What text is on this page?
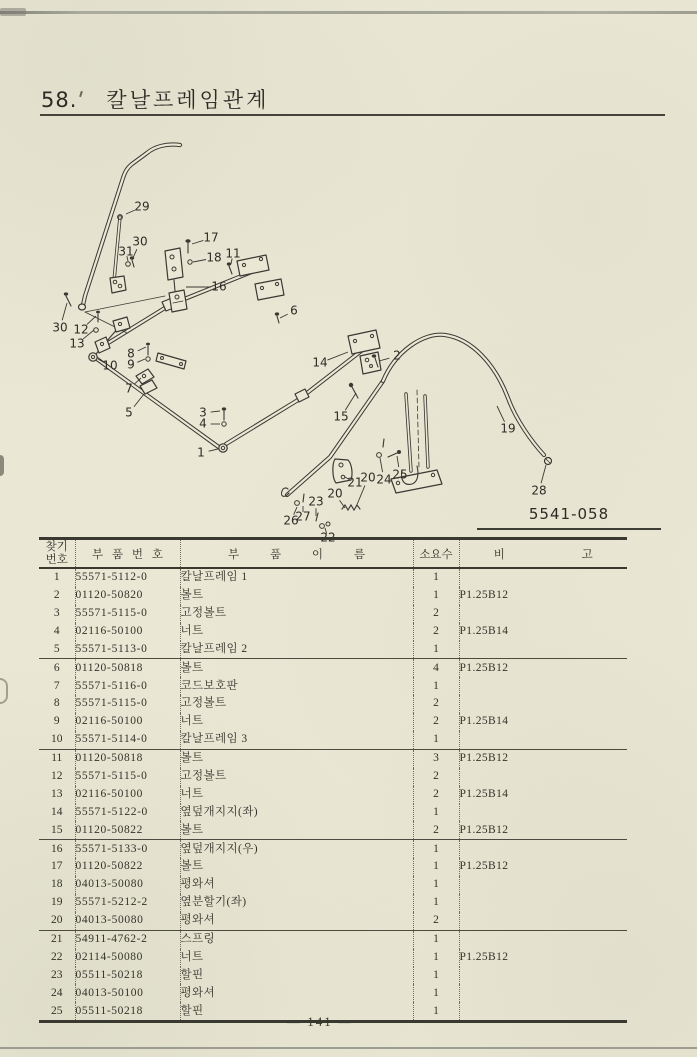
58. 칼날프레임관계
29
30
31
17
18 11
16
6
30 12
13
10
8
9
7
5	3
4
1
14	2
15
19
28
26
27
23
22
20
21
20 24 25
5541-058
찾기
번호	부 품 번 호	부 품 이 름	소요수	비 고
1	55571-5112-0	칼날프레임 1	1	
2	01120-50820	볼트	1	P1.25B12
3	55571-5115-0	고정볼트	2	
4	02116-50100	너트	2	P1.25B14
5	55571-5113-0	칼날프레임 2	1	
6	01120-50818	볼트	4	P1.25B12
7	55571-5116-0	코드보호판	1	
8	55571-5115-0	고정볼트	2	
9	02116-50100	너트	2	P1.25B14
10	55571-5114-0	칼날프레임 3	1	
11	01120-50818	볼트	3	P1.25B12
12	55571-5115-0	고정볼트	2	
13	02116-50100	너트	2	P1.25B14
14	55571-5122-0	옆덮개지지(좌)	1	
15	01120-50822	볼트	2	P1.25B12
16	55571-5133-0	옆덮개지지(우)	1	
17	01120-50822	볼트	1	P1.25B12
18	04013-50080	평와셔	1	
19	55571-5212-2	옆분할기(좌)	1	
20	04013-50080	평와셔	2	
21	54911-4762-2	스프링	1	
22	02114-50080	너트	1	P1.25B12
23	05511-50218	할핀	1	
24	04013-50100	평와셔	1	
25	05511-50218	할핀	1	
— 141 —
